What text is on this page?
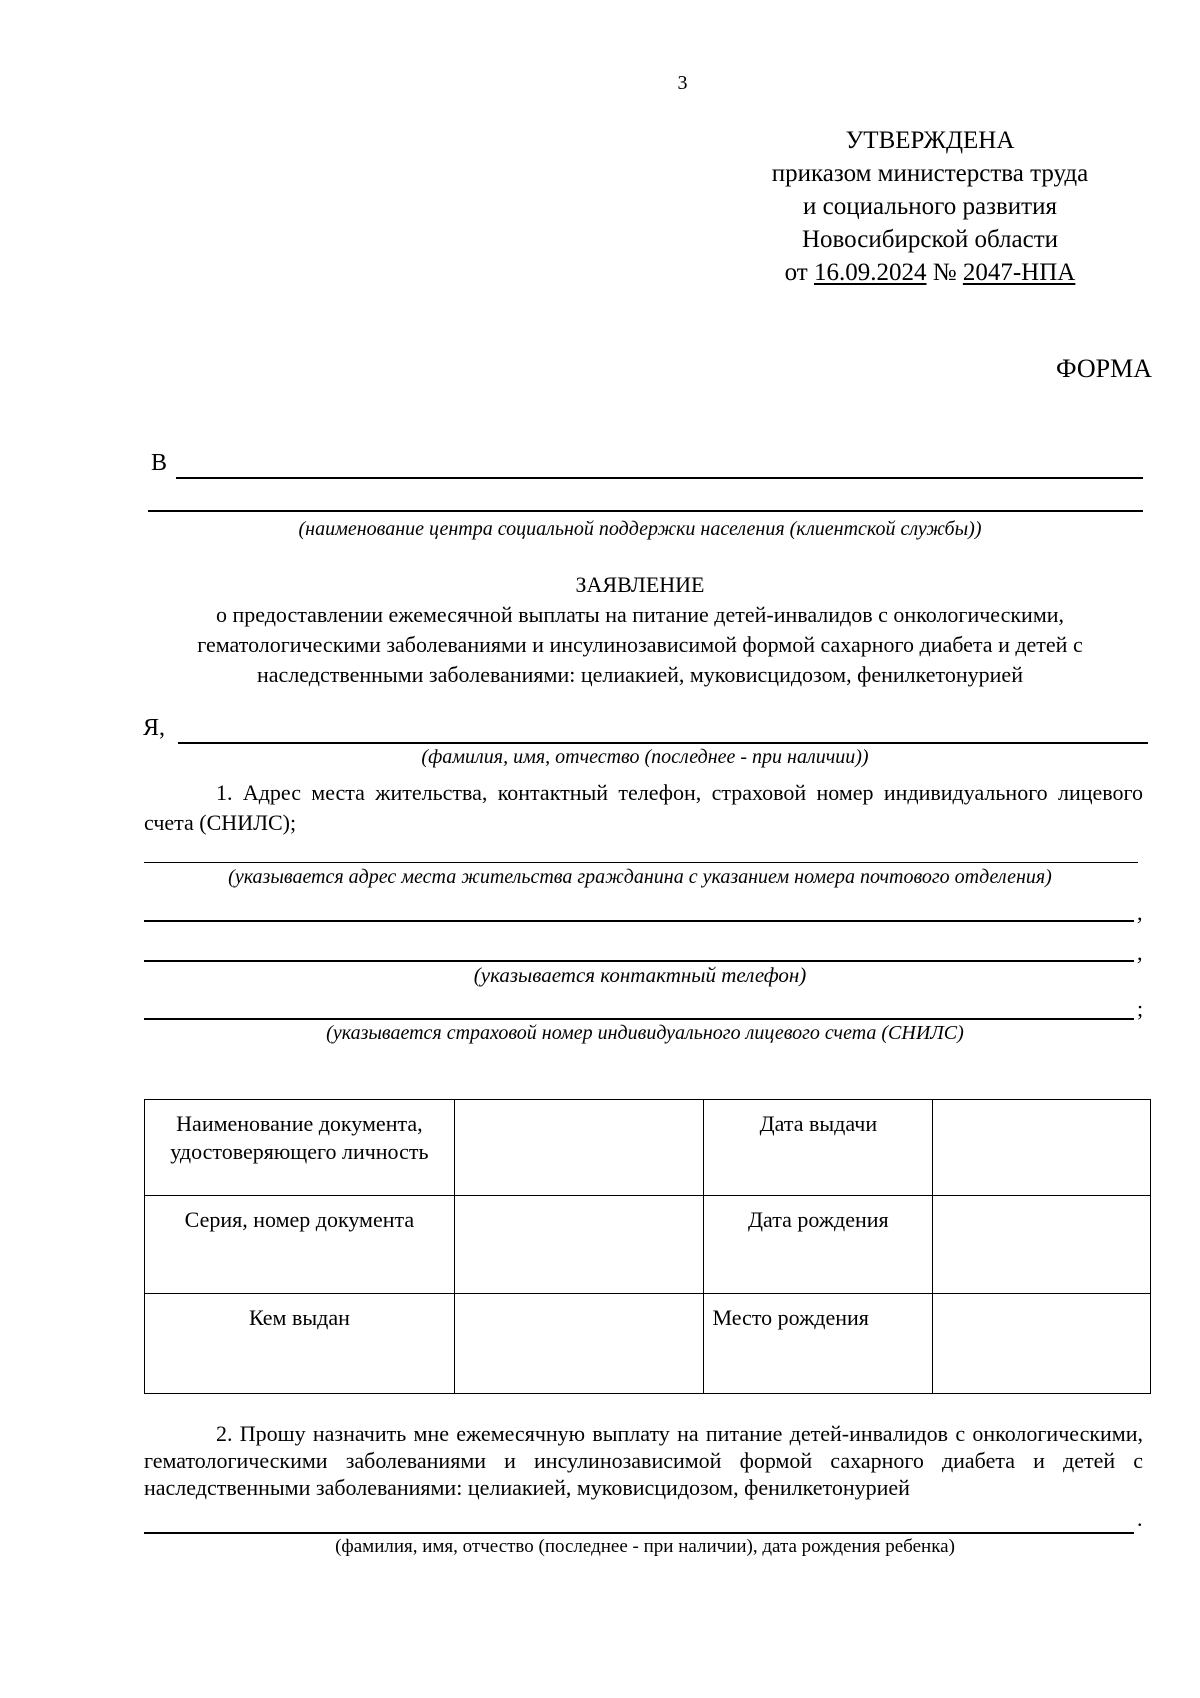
3
УТВЕРЖДЕНА
приказом министерства труда
и социального развития
Новосибирской области
от 16.09.2024 № 2047-НПА
ФОРМА
В
(наименование центра социальной поддержки населения (клиентской службы))
ЗАЯВЛЕНИЕ
о предоставлении ежемесячной выплаты на питание детей-инвалидов с онкологическими,
гематологическими заболеваниями и инсулинозависимой формой сахарного диабета и детей с
наследственными заболеваниями: целиакией, муковисцидозом, фенилкетонурией
Я,
(фамилия, имя, отчество (последнее - при наличии))
1. Адрес места жительства, контактный телефон, страховой номер индивидуального лицевого счета (СНИЛС);
(указывается адрес места жительства гражданина с указанием номера почтового отделения)
,
,
(указывается контактный телефон)
;
(указывается страховой номер индивидуального лицевого счета (СНИЛС)
Наименование документа, удостоверяющего личность		Дата выдачи	
Серия, номер документа		Дата рождения	
Кем выдан		Место рождения	
2. Прошу назначить мне ежемесячную выплату на питание детей-инвалидов с онкологическими, гематологическими заболеваниями и инсулинозависимой формой сахарного диабета и детей с наследственными заболеваниями: целиакией, муковисцидозом, фенилкетонурией
.
(фамилия, имя, отчество (последнее - при наличии), дата рождения ребенка)
